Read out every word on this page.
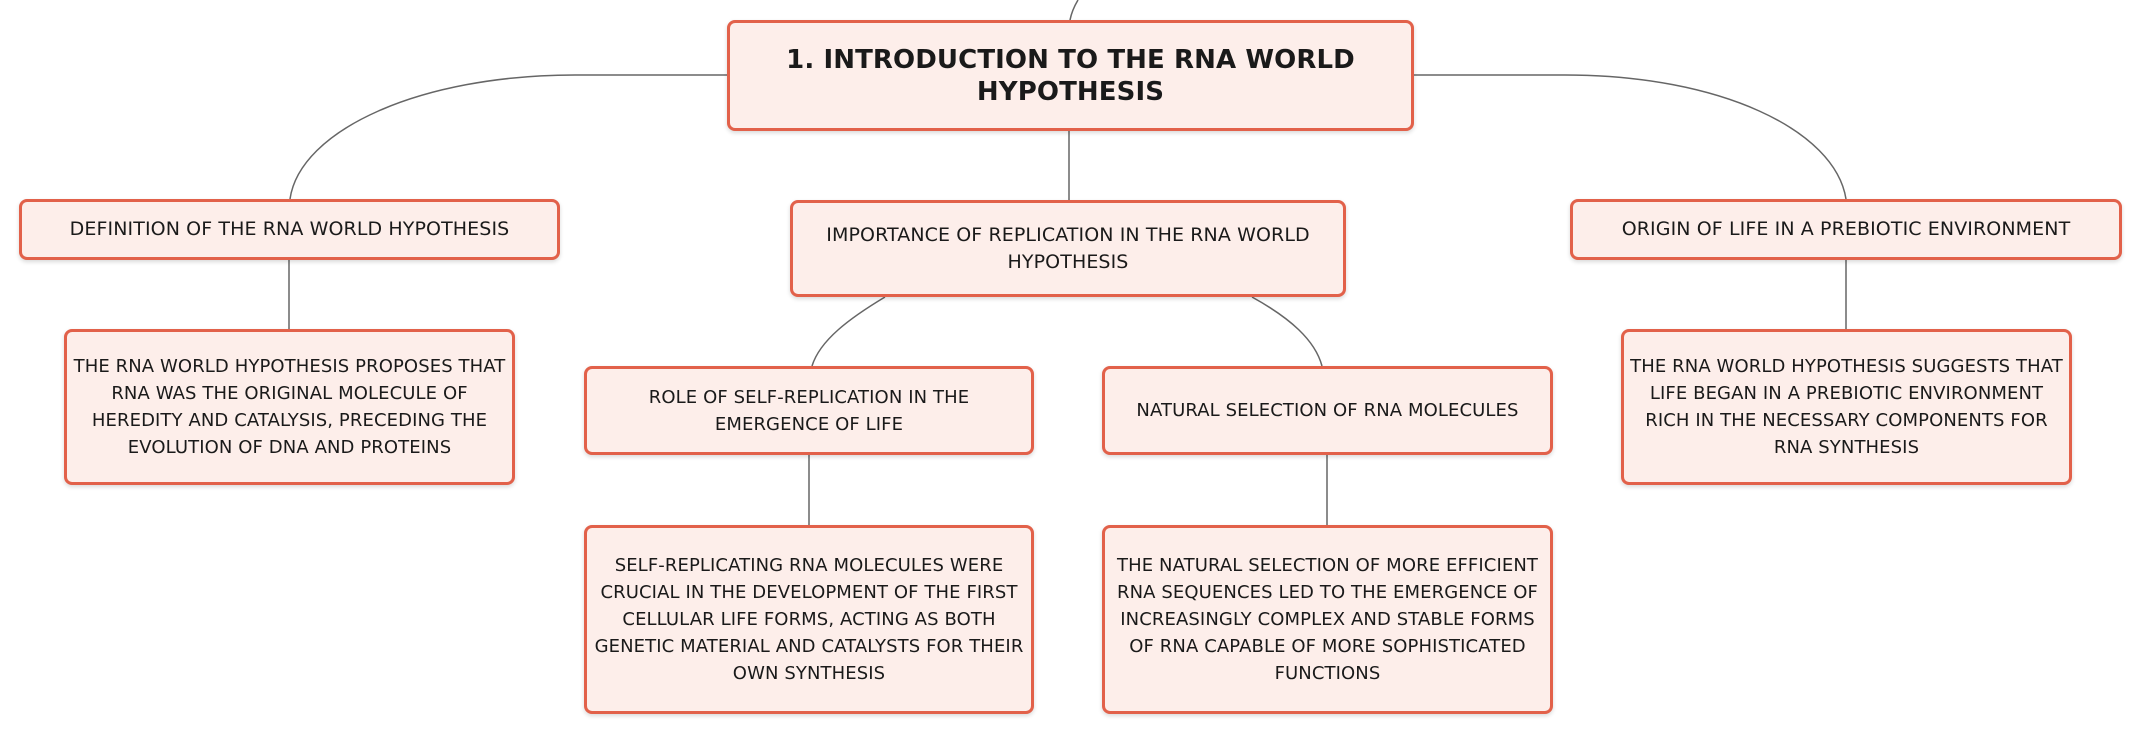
1. INTRODUCTION TO THE RNA WORLD HYPOTHESIS
DEFINITION OF THE RNA WORLD HYPOTHESIS	IMPORTANCE OF REPLICATION IN THE RNA WORLD HYPOTHESIS
ORIGIN OF LIFE IN A PREBIOTIC ENVIRONMENT
THE RNA WORLD HYPOTHESIS PROPOSES THAT RNA WAS THE ORIGINAL MOLECULE OF HEREDITY AND CATALYSIS, PRECEDING THE EVOLUTION OF DNA AND PROTEINS
ROLE OF SELF-REPLICATION IN THE EMERGENCE OF LIFE
NATURAL SELECTION OF RNA MOLECULES
THE RNA WORLD HYPOTHESIS SUGGESTS THAT LIFE BEGAN IN A PREBIOTIC ENVIRONMENT RICH IN THE NECESSARY COMPONENTS FOR RNA SYNTHESIS
SELF-REPLICATING RNA MOLECULES WERE CRUCIAL IN THE DEVELOPMENT OF THE FIRST CELLULAR LIFE FORMS, ACTING AS BOTH GENETIC MATERIAL AND CATALYSTS FOR THEIR OWN SYNTHESIS
THE NATURAL SELECTION OF MORE EFFICIENT RNA SEQUENCES LED TO THE EMERGENCE OF INCREASINGLY COMPLEX AND STABLE FORMS OF RNA CAPABLE OF MORE SOPHISTICATED FUNCTIONS
